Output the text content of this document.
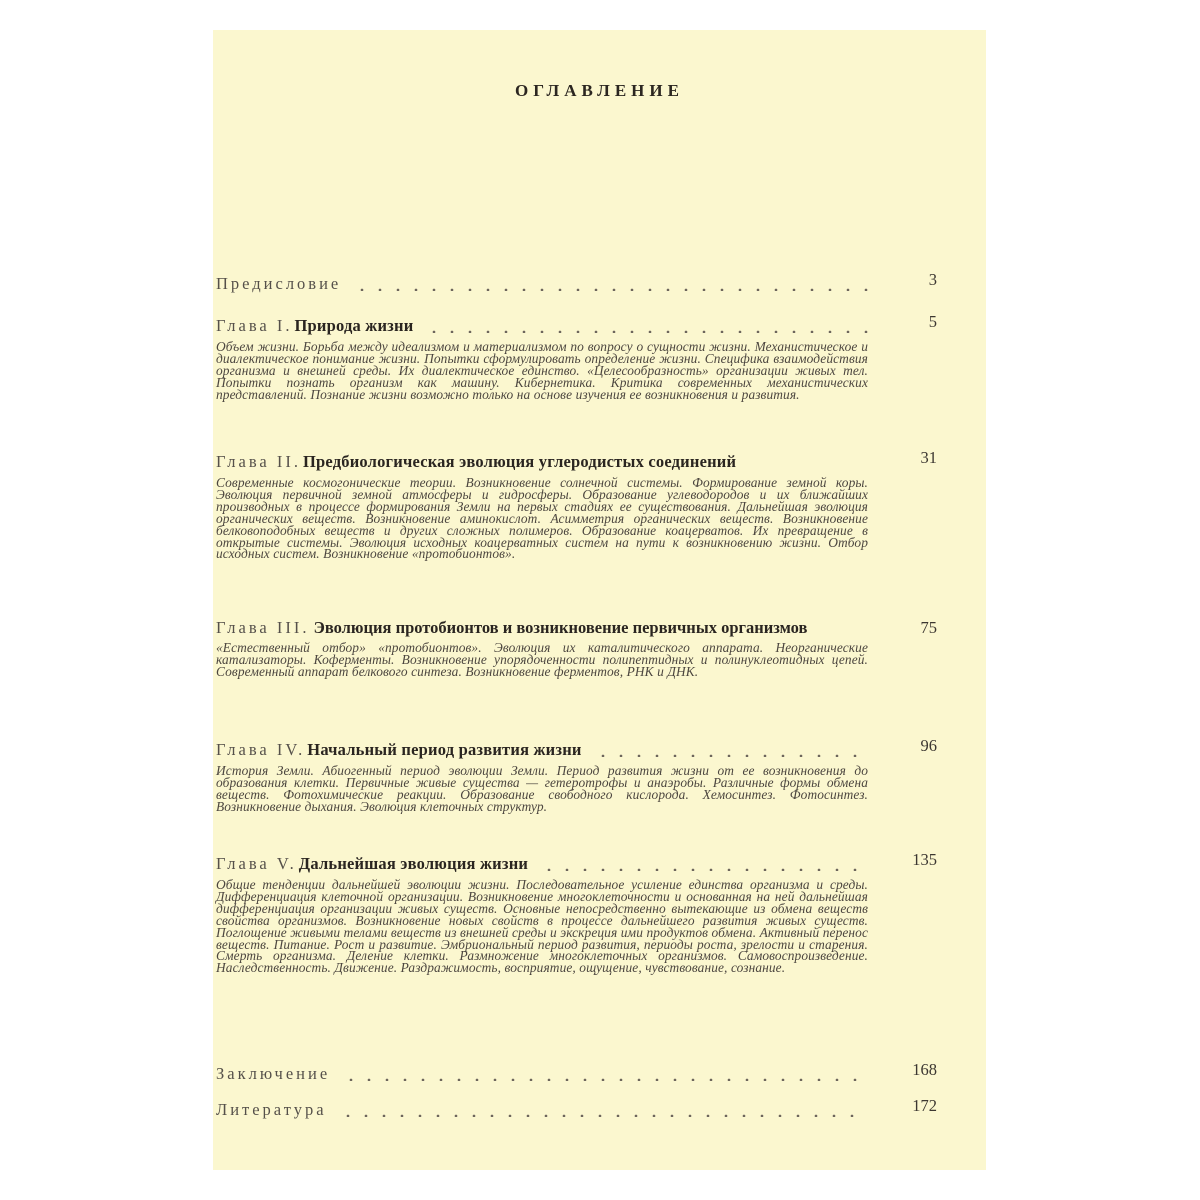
ОГЛАВЛЕНИЕ
Предисловие	3
Глава I. Природа жизни	5
Объем жизни. Борьба между идеализмом и материализмом по вопросу о сущности жизни. Механистическое и диалектическое понимание жизни. Попытки сформулировать определение жизни. Специфика взаимодействия организма и внешней среды. Их диалектическое единство. «Целесообразность» организации живых тел. Попытки познать организм как машину. Кибернетика. Критика современных механистических представлений. Познание жизни возможно только на основе изучения ее возникновения и развития.
Глава II. Предбиологическая эволюция углеродистых соединений	31
Современные космогонические теории. Возникновение солнечной системы. Формирование земной коры. Эволюция первичной земной атмосферы и гидросферы. Образование углеводородов и их ближайших производных в процессе формирования Земли на первых стадиях ее существования. Дальнейшая эволюция органических веществ. Возникновение аминокислот. Асимметрия органических веществ. Возникновение белковоподобных веществ и других сложных полимеров. Образование коацерватов. Их превращение в открытые системы. Эволюция исходных коацерватных систем на пути к возникновению жизни. Отбор исходных систем. Возникновение «протобионтов».
Глава III. Эволюция протобионтов и возникновение первичных организмов	75
«Естественный отбор» «протобионтов». Эволюция их каталитического аппарата. Неорганические катализаторы. Коферменты. Возникновение упорядоченности полипептидных и полинуклеотидных цепей. Современный аппарат белкового синтеза. Возникновение ферментов, РНК и ДНК.
Глава IV. Начальный период развития жизни	96
История Земли. Абиогенный период эволюции Земли. Период развития жизни от ее возникновения до образования клетки. Первичные живые существа — гетеротрофы и анаэробы. Различные формы обмена веществ. Фотохимические реакции. Образование свободного кислорода. Хемосинтез. Фотосинтез. Возникновение дыхания. Эволюция клеточных структур.
Глава V. Дальнейшая эволюция жизни	135
Общие тенденции дальнейшей эволюции жизни. Последовательное усиление единства организма и среды. Дифференциация клеточной организации. Возникновение многоклеточности и основанная на ней дальнейшая дифференциация организации живых существ. Основные непосредственно вытекающие из обмена веществ свойства организмов. Возникновение новых свойств в процессе дальнейшего развития живых существ. Поглощение живыми телами веществ из внешней среды и экскреция ими продуктов обмена. Активный перенос веществ. Питание. Рост и развитие. Эмбриональный период развития, периоды роста, зрелости и старения. Смерть организма. Деление клетки. Размножение многоклеточных организмов. Самовоспроизведение. Наследственность. Движение. Раздражимость, восприятие, ощущение, чувствование, сознание.
Заключение	168
Литература	172
